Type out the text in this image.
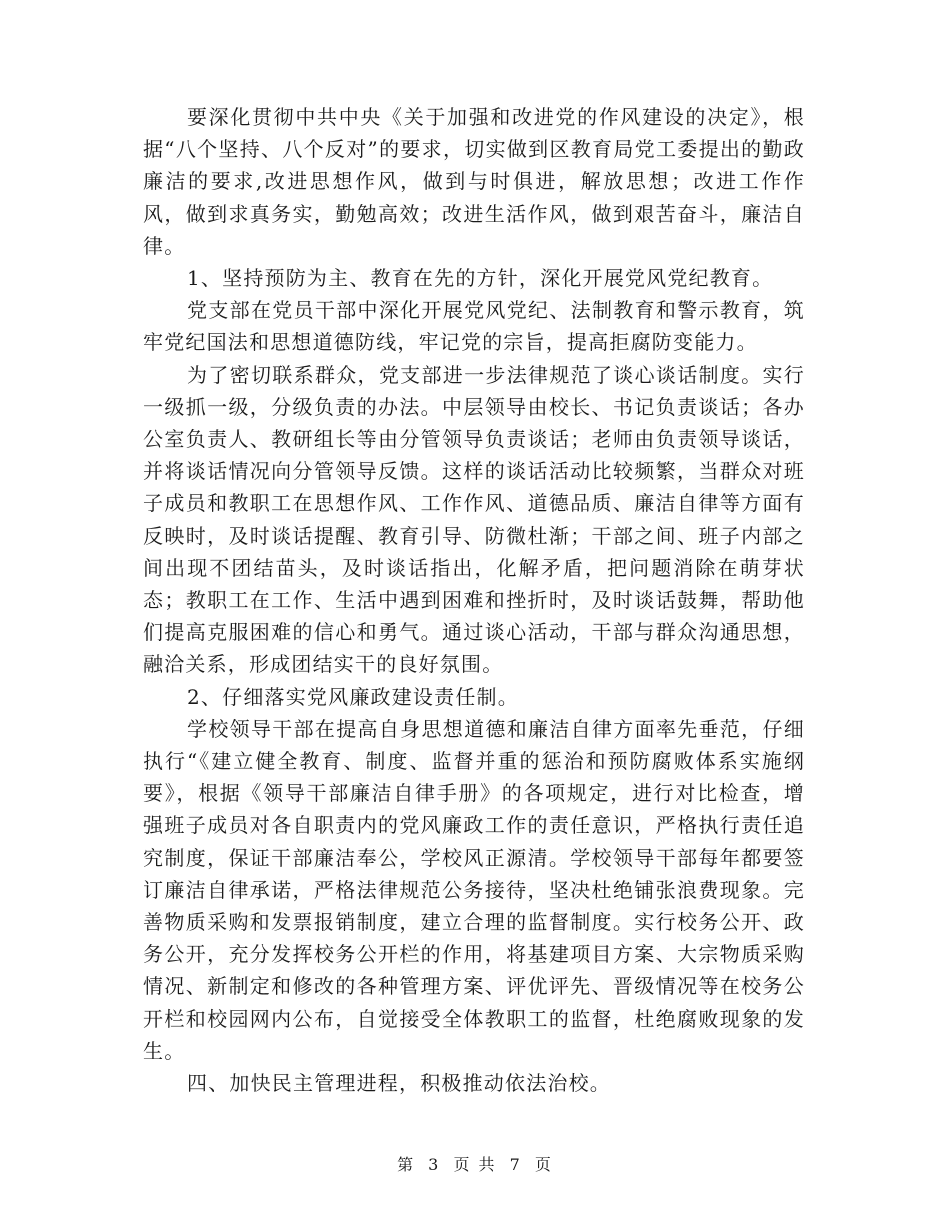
要深化贯彻中共中央《关于加强和改进党的作风建设的决定》，根据“八个坚持、八个反对”的要求，切实做到区教育局党工委提出的勤政廉洁的要求,改进思想作风，做到与时俱进，解放思想；改进工作作风，做到求真务实，勤勉高效；改进生活作风，做到艰苦奋斗，廉洁自律。

1、坚持预防为主、教育在先的方针，深化开展党风党纪教育。

党支部在党员干部中深化开展党风党纪、法制教育和警示教育，筑牢党纪国法和思想道德防线，牢记党的宗旨，提高拒腐防变能力。

为了密切联系群众，党支部进一步法律规范了谈心谈话制度。实行一级抓一级，分级负责的办法。中层领导由校长、书记负责谈话；各办公室负责人、教研组长等由分管领导负责谈话；老师由负责领导谈话，并将谈话情况向分管领导反馈。这样的谈话活动比较频繁，当群众对班子成员和教职工在思想作风、工作作风、道德品质、廉洁自律等方面有反映时，及时谈话提醒、教育引导、防微杜渐；干部之间、班子内部之间出现不团结苗头，及时谈话指出，化解矛盾，把问题消除在萌芽状态；教职工在工作、生活中遇到困难和挫折时，及时谈话鼓舞，帮助他们提高克服困难的信心和勇气。通过谈心活动，干部与群众沟通思想，融洽关系，形成团结实干的良好氛围。

2、仔细落实党风廉政建设责任制。

学校领导干部在提高自身思想道德和廉洁自律方面率先垂范，仔细执行“《建立健全教育、制度、监督并重的惩治和预防腐败体系实施纲要》，根据《领导干部廉洁自律手册》的各项规定，进行对比检查，增强班子成员对各自职责内的党风廉政工作的责任意识，严格执行责任追究制度，保证干部廉洁奉公，学校风正源清。学校领导干部每年都要签订廉洁自律承诺，严格法律规范公务接待，坚决杜绝铺张浪费现象。完善物质采购和发票报销制度，建立合理的监督制度。实行校务公开、政务公开，充分发挥校务公开栏的作用，将基建项目方案、大宗物质采购情况、新制定和修改的各种管理方案、评优评先、晋级情况等在校务公开栏和校园网内公布，自觉接受全体教职工的监督，杜绝腐败现象的发生。

四、加快民主管理进程，积极推动依法治校。

第 3 页 共 7 页
